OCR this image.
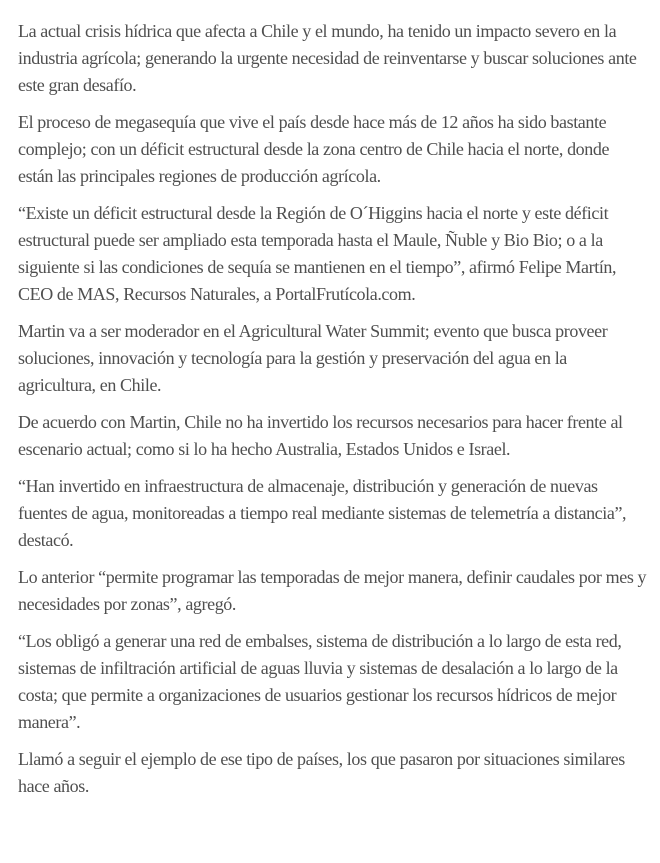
La actual crisis hídrica que afecta a Chile y el mundo, ha tenido un impacto severo en la industria agrícola; generando la urgente necesidad de reinventarse y buscar soluciones ante este gran desafío.

El proceso de megasequía que vive el país desde hace más de 12 años ha sido bastante complejo; con un déficit estructural desde la zona centro de Chile hacia el norte, donde están las principales regiones de producción agrícola.

“Existe un déficit estructural desde la Región de O´Higgins hacia el norte y este déficit estructural puede ser ampliado esta temporada hasta el Maule, Ñuble y Bio Bio; o a la siguiente si las condiciones de sequía se mantienen en el tiempo”, afirmó Felipe Martín, CEO de MAS, Recursos Naturales, a PortalFrutícola.com.

Martin va a ser moderador en el Agricultural Water Summit; evento que busca proveer soluciones, innovación y tecnología para la gestión y preservación del agua en la agricultura, en Chile.

De acuerdo con Martin, Chile no ha invertido los recursos necesarios para hacer frente al escenario actual; como si lo ha hecho Australia, Estados Unidos e Israel.

“Han invertido en infraestructura de almacenaje, distribución y generación de nuevas fuentes de agua, monitoreadas a tiempo real mediante sistemas de telemetría a distancia”, destacó.

Lo anterior “permite programar las temporadas de mejor manera, definir caudales por mes y necesidades por zonas”, agregó.

“Los obligó a generar una red de embalses, sistema de distribución a lo largo de esta red, sistemas de infiltración artificial de aguas lluvia y sistemas de desalación a lo largo de la costa; que permite a organizaciones de usuarios gestionar los recursos hídricos de mejor manera”.

Llamó a seguir el ejemplo de ese tipo de países, los que pasaron por situaciones similares hace años.
